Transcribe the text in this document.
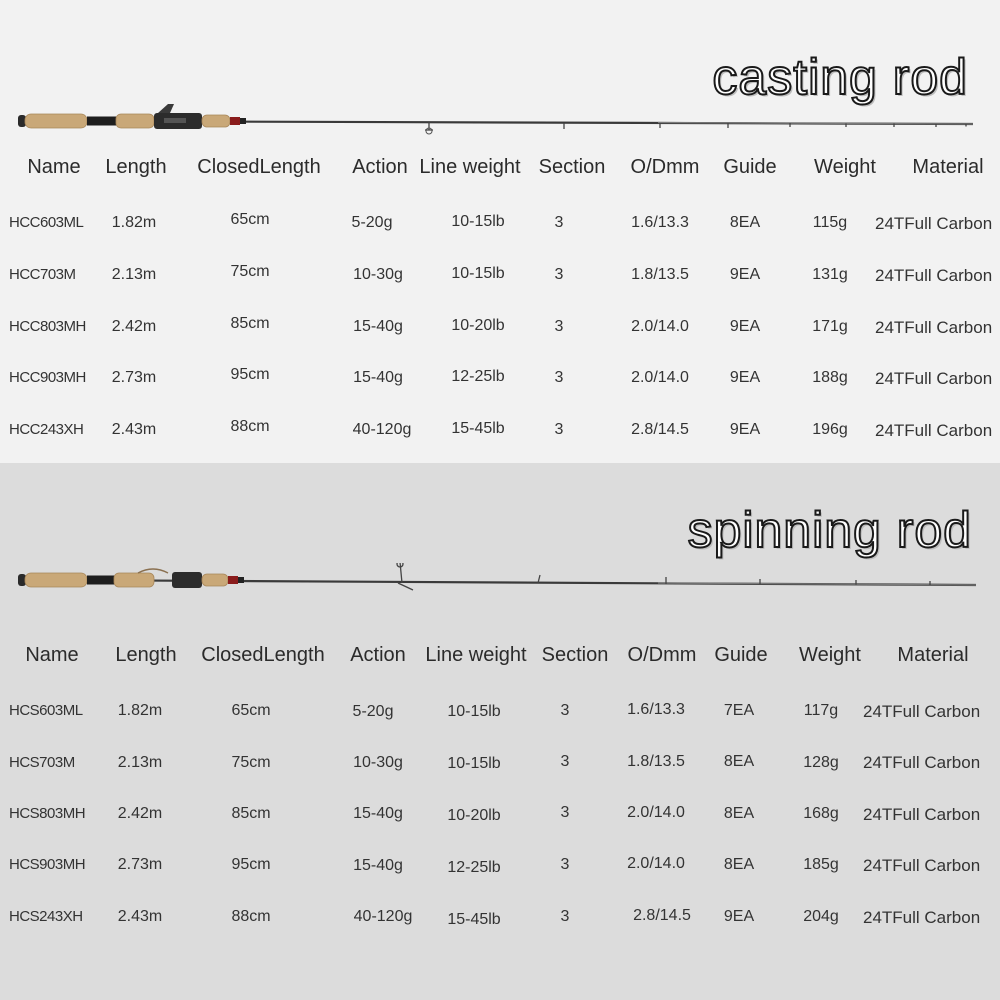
casting rod
Name Length ClosedLength Action Line weight Section O/Dmm Guide Weight Material
HCC603ML 1.82m	65cm	5-20g	10-15lb	3	1.6/13.3	8EA	115g 24TFull Carbon
HCC703M 2.13m	75cm	10-30g	10-15lb	3	1.8/13.5	9EA	131g 24TFull Carbon
HCC803MH 2.42m	85cm	15-40g	10-20lb	3	2.0/14.0	9EA	171g 24TFull Carbon
HCC903MH 2.73m	95cm	15-40g	12-25lb	3	2.0/14.0	9EA	188g 24TFull Carbon
HCC243XH 2.43m	88cm	40-120g 15-45lb	3	2.8/14.5	9EA	196g 24TFull Carbon
spinning rod
Name Length ClosedLength Action Line weight Section O/Dmm Guide Weight Material
HCS603ML 1.82m	65cm	5-20g	10-15lb	3	1.6/13.3 7EA	117g 24TFull Carbon
HCS703M	2.13m	75cm	10-30g	10-15lb	3	1.8/13.5 8EA	128g 24TFull Carbon
HCS803MH 2.42m	85cm	15-40g	10-20lb	3	2.0/14.0 8EA	168g 24TFull Carbon
HCS903MH 2.73m	95cm	15-40g	12-25lb	3	2.0/14.0 8EA	185g 24TFull Carbon
HCS243XH 2.43m	88cm	40-120g 15-45lb	3	2.8/14.5 9EA	204g 24TFull Carbon
